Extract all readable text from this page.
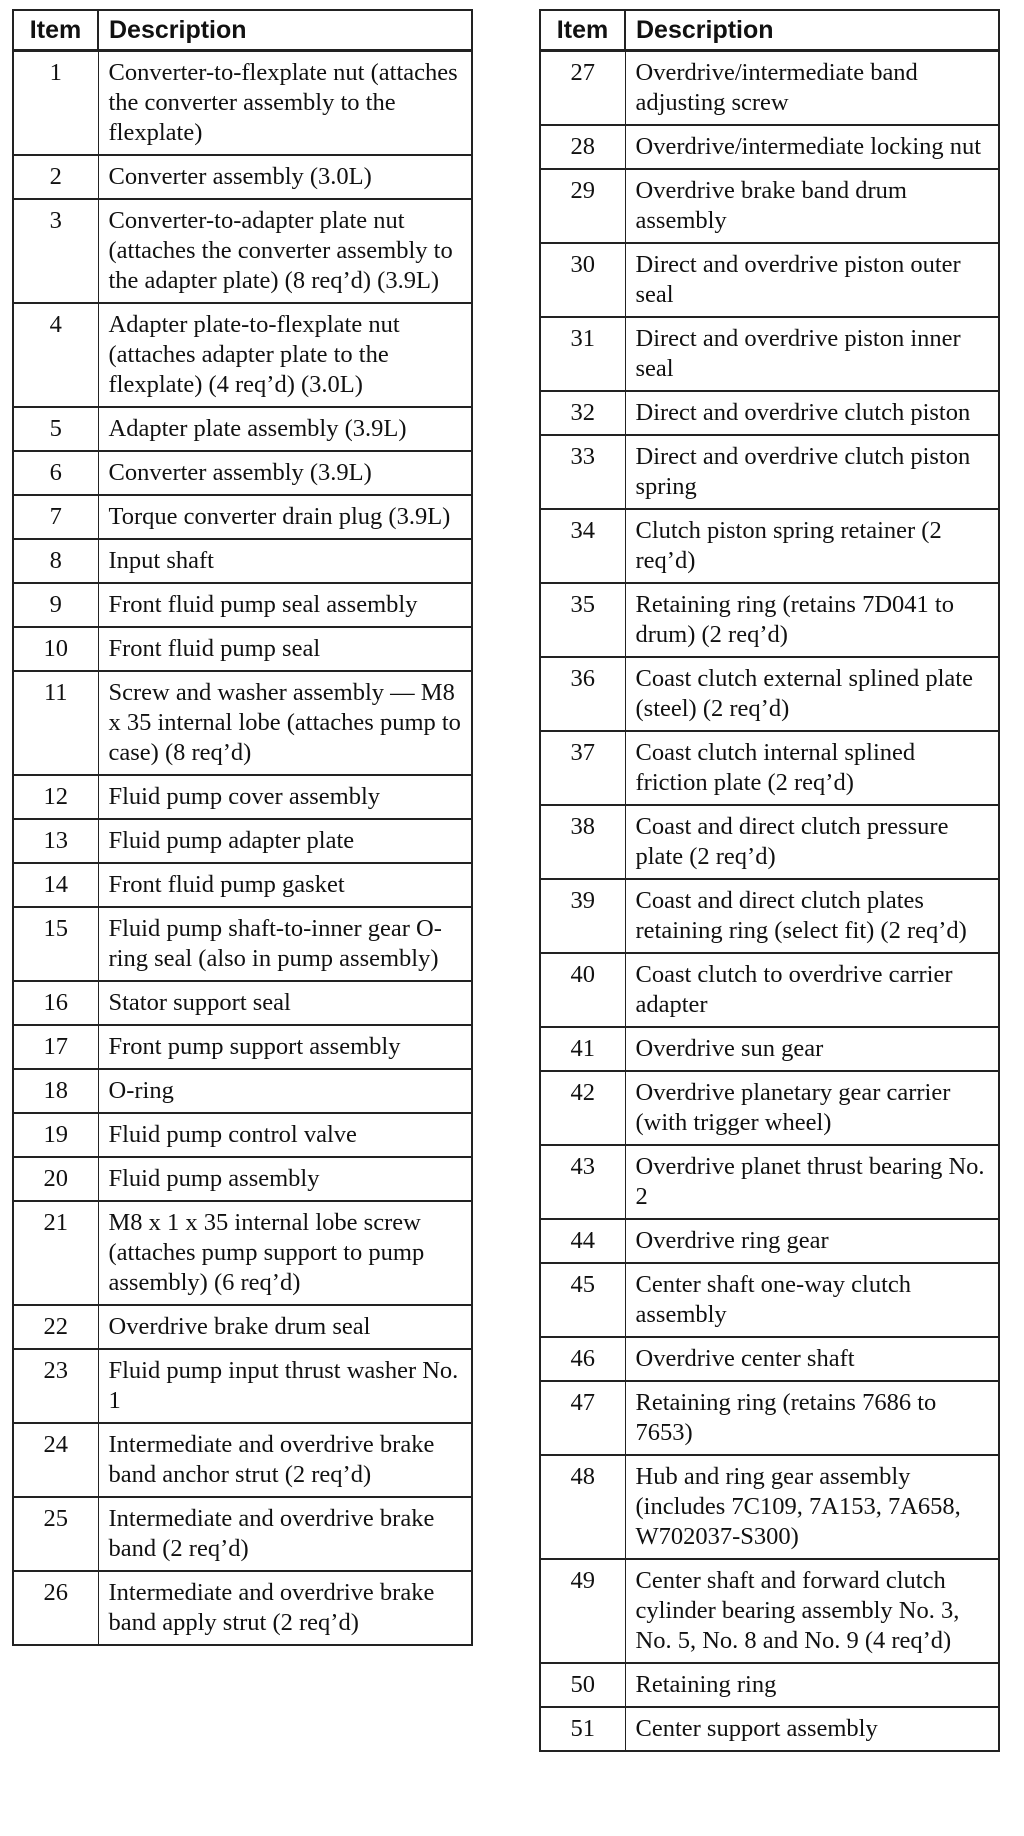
Item	Description
1	Converter-to-flexplate nut (attaches the converter assembly to the flexplate)
2	Converter assembly (3.0L)
3	Converter-to-adapter plate nut (attaches the converter assembly to the adapter plate) (8 req’d) (3.9L)
4	Adapter plate-to-flexplate nut (attaches adapter plate to the flexplate) (4 req’d) (3.0L)
5	Adapter plate assembly (3.9L)
6	Converter assembly (3.9L)
7	Torque converter drain plug (3.9L)
8	Input shaft
9	Front fluid pump seal assembly
10	Front fluid pump seal
11	Screw and washer assembly — M8 x 35 internal lobe (attaches pump to case) (8 req’d)
12	Fluid pump cover assembly
13	Fluid pump adapter plate
14	Front fluid pump gasket
15	Fluid pump shaft-to-inner gear O-ring seal (also in pump assembly)
16	Stator support seal
17	Front pump support assembly
18	O-ring
19	Fluid pump control valve
20	Fluid pump assembly
21	M8 x 1 x 35 internal lobe screw (attaches pump support to pump assembly) (6 req’d)
22	Overdrive brake drum seal
23	Fluid pump input thrust washer No. 1
24	Intermediate and overdrive brake band anchor strut (2 req’d)
25	Intermediate and overdrive brake band (2 req’d)
26	Intermediate and overdrive brake band apply strut (2 req’d)
Item	Description
27	Overdrive/intermediate band adjusting screw
28	Overdrive/intermediate locking nut
29	Overdrive brake band drum assembly
30	Direct and overdrive piston outer seal
31	Direct and overdrive piston inner seal
32	Direct and overdrive clutch piston
33	Direct and overdrive clutch piston spring
34	Clutch piston spring retainer (2 req’d)
35	Retaining ring (retains 7D041 to drum) (2 req’d)
36	Coast clutch external splined plate (steel) (2 req’d)
37	Coast clutch internal splined friction plate (2 req’d)
38	Coast and direct clutch pressure plate (2 req’d)
39	Coast and direct clutch plates retaining ring (select fit) (2 req’d)
40	Coast clutch to overdrive carrier adapter
41	Overdrive sun gear
42	Overdrive planetary gear carrier (with trigger wheel)
43	Overdrive planet thrust bearing No. 2
44	Overdrive ring gear
45	Center shaft one-way clutch assembly
46	Overdrive center shaft
47	Retaining ring (retains 7686 to 7653)
48	Hub and ring gear assembly (includes 7C109, 7A153, 7A658, W702037-S300)
49	Center shaft and forward clutch cylinder bearing assembly No. 3, No. 5, No. 8 and No. 9 (4 req’d)
50	Retaining ring
51	Center support assembly
